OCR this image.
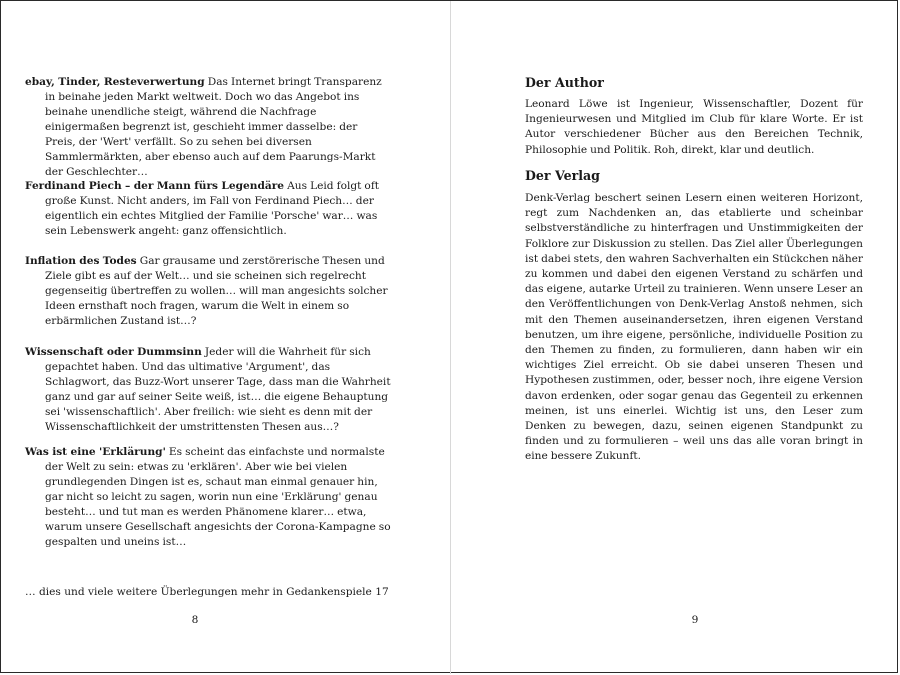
ebay, Tinder, Resteverwertung Das Internet bringt Transparenz in beinahe jeden Markt weltweit. Doch wo das Angebot ins beinahe unendliche steigt, während die Nachfrage einigermaßen begrenzt ist, geschieht immer dasselbe: der Preis, der 'Wert' verfällt. So zu sehen bei diversen Sammlermärkten, aber ebenso auch auf dem Paarungs-Markt der Geschlechter…

Ferdinand Piech – der Mann fürs Legendäre Aus Leid folgt oft große Kunst. Nicht anders, im Fall von Ferdinand Piech… der eigentlich ein echtes Mitglied der Familie 'Porsche' war… was sein Lebenswerk angeht: ganz offensichtlich.

Inflation des Todes Gar grausame und zerstörerische Thesen und Ziele gibt es auf der Welt… und sie scheinen sich regelrecht gegenseitig übertreffen zu wollen… will man angesichts solcher Ideen ernsthaft noch fragen, warum die Welt in einem so erbärmlichen Zustand ist…?

Wissenschaft oder Dummsinn Jeder will die Wahrheit für sich gepachtet haben. Und das ultimative 'Argument', das Schlagwort, das Buzz-Wort unserer Tage, dass man die Wahrheit ganz und gar auf seiner Seite weiß, ist… die eigene Behauptung sei 'wissenschaftlich'. Aber freilich: wie sieht es denn mit der Wissenschaftlichkeit der umstrittensten Thesen aus…?

Was ist eine 'Erklärung' Es scheint das einfachste und normalste der Welt zu sein: etwas zu 'erklären'. Aber wie bei vielen grundlegenden Dingen ist es, schaut man einmal genauer hin, gar nicht so leicht zu sagen, worin nun eine 'Erklärung' genau besteht… und tut man es werden Phänomene klarer… etwa, warum unsere Gesellschaft angesichts der Corona-Kampagne so gespalten und uneins ist…

… dies und viele weitere Überlegungen mehr in Gedankenspiele 17

8

Der Author

Leonard Löwe ist Ingenieur, Wissenschaftler, Dozent für Ingenieurwesen und Mitglied im Club für klare Worte. Er ist Autor verschiedener Bücher aus den Bereichen Technik, Philosophie und Politik. Roh, direkt, klar und deutlich.

Der Verlag

Denk-Verlag beschert seinen Lesern einen weiteren Horizont, regt zum Nachdenken an, das etablierte und scheinbar selbstverständliche zu hinterfragen und Unstimmigkeiten der Folklore zur Diskussion zu stellen. Das Ziel aller Überlegungen ist dabei stets, den wahren Sachverhalten ein Stückchen näher zu kommen und dabei den eigenen Verstand zu schärfen und das eigene, autarke Urteil zu trainieren. Wenn unsere Leser an den Veröffentlichungen von Denk-Verlag Anstoß nehmen, sich mit den Themen auseinandersetzen, ihren eigenen Verstand benutzen, um ihre eigene, persönliche, individuelle Position zu den Themen zu finden, zu formulieren, dann haben wir ein wichtiges Ziel erreicht. Ob sie dabei unseren Thesen und Hypothesen zustimmen, oder, besser noch, ihre eigene Version davon erdenken, oder sogar genau das Gegenteil zu erkennen meinen, ist uns einerlei. Wichtig ist uns, den Leser zum Denken zu bewegen, dazu, seinen eigenen Standpunkt zu finden und zu formulieren – weil uns das alle voran bringt in eine bessere Zukunft.

9
